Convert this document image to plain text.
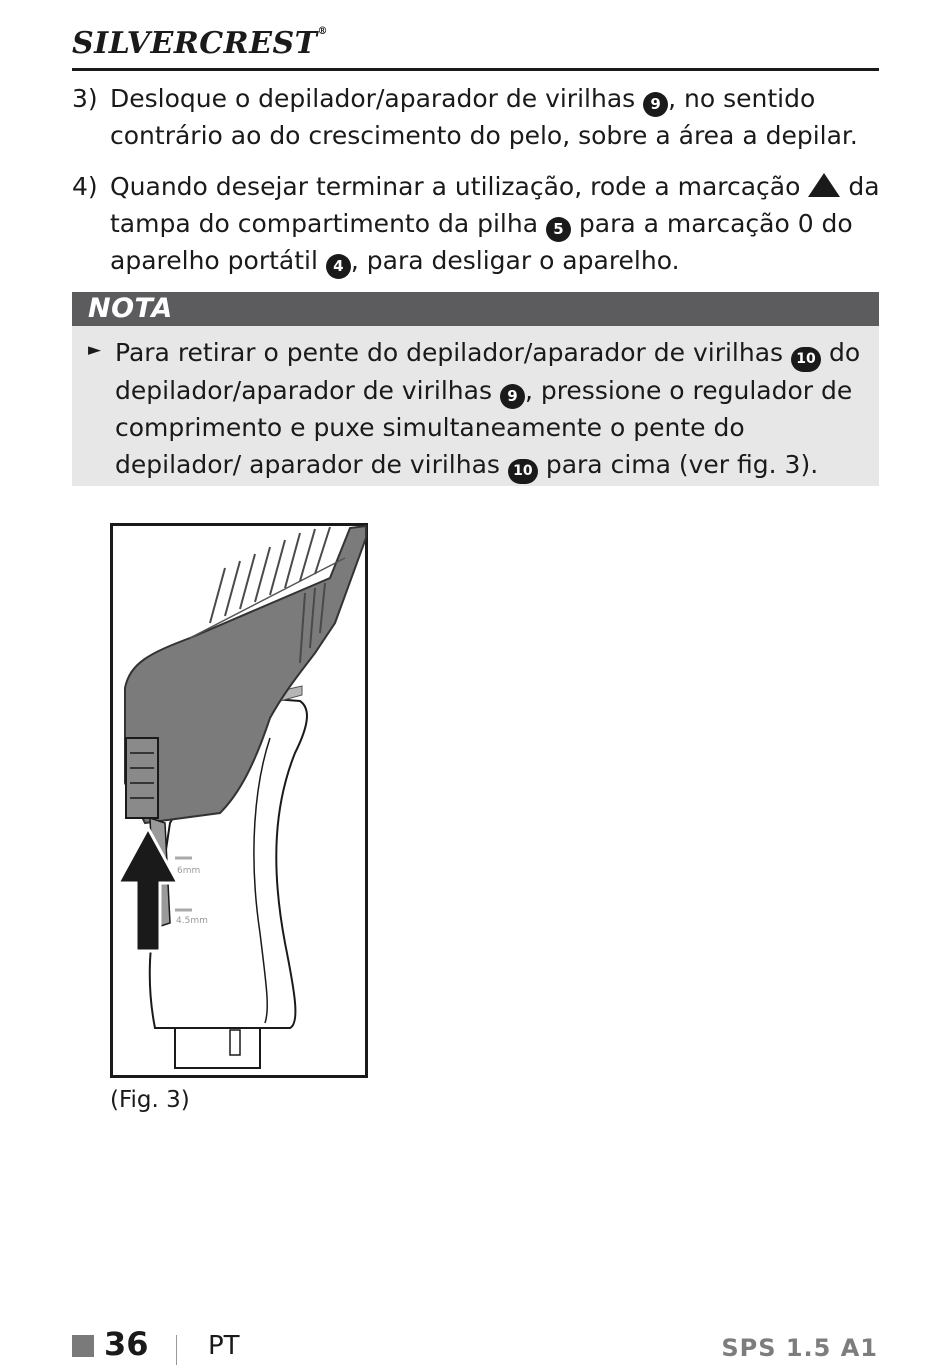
SILVERCREST®
3) Desloque o depilador/aparador de virilhas 9 , no sentido contrário ao do crescimento do pelo, sobre a área a depilar.
4) Quando desejar terminar a utilização, rode a marcação  da tampa do compartimento da pilha 5 para a marcação 0 do aparelho portátil 4 , para desligar o aparelho.
NOTA
► Para retirar o pente do depilador/aparador de virilhas 10 do depilador/aparador de virilhas 9 , pressione o regulador de comprimento e puxe simultaneamente o pente do depilador/ aparador de virilhas 10 para cima (ver fig. 3).
6mm
4.5mm
(Fig. 3)
36 PT	SPS 1.5 A1
